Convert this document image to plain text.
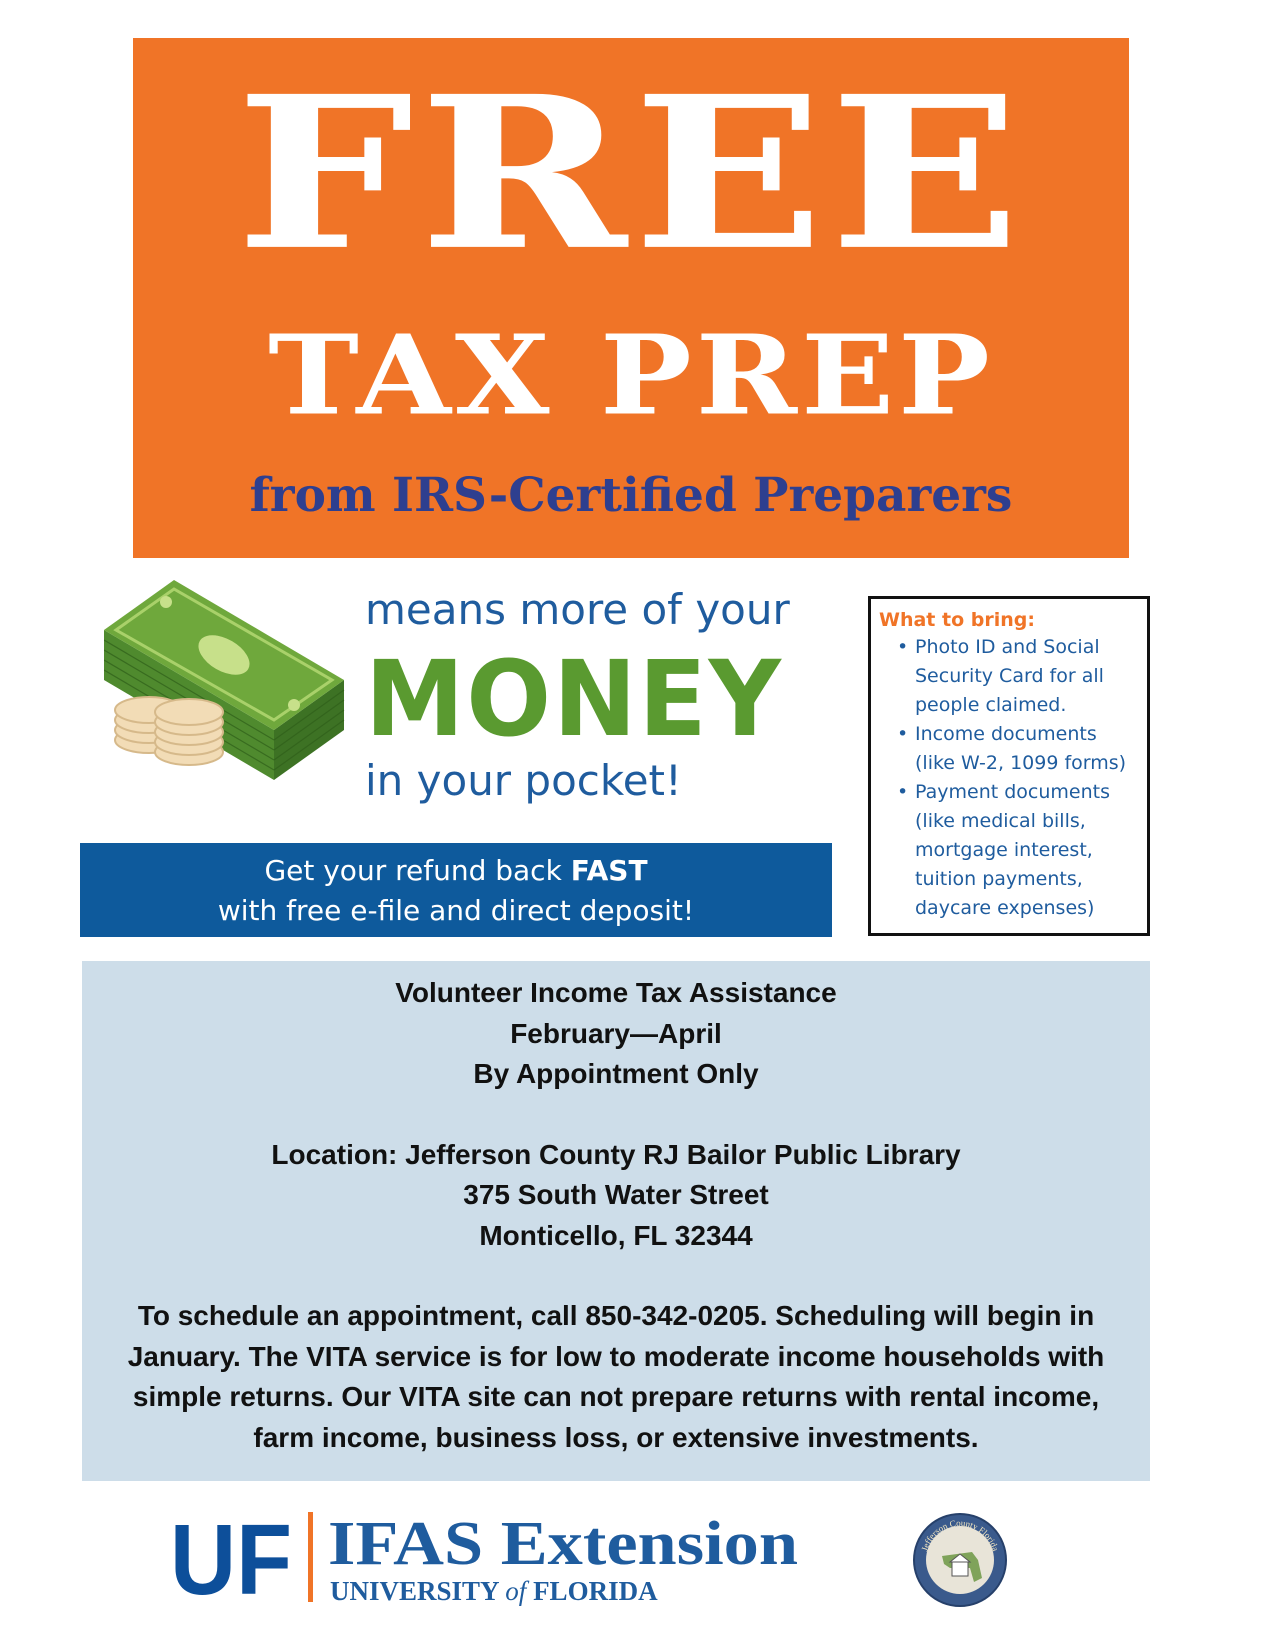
FREE
TAX PREP
from IRS-Certified Preparers
means more of your
MONEY
in your pocket!
Get your refund back FAST
with free e-file and direct deposit!
What to bring:
• Photo ID and Social Security Card for all people claimed.
• Income documents (like W-2, 1099 forms)
• Payment documents (like medical bills, mortgage interest, tuition payments, daycare expenses)
Volunteer Income Tax Assistance
February—April
By Appointment Only
Location: Jefferson County RJ Bailor Public Library
375 South Water Street
Monticello, FL 32344
To schedule an appointment, call 850-342-0205. Scheduling will begin in January. The VITA service is for low to moderate income households with simple returns. Our VITA site can not prepare returns with rental income, farm income, business loss, or extensive investments.
UF IFAS Extension
UNIVERSITY of FLORIDA
Jefferson County Florida
